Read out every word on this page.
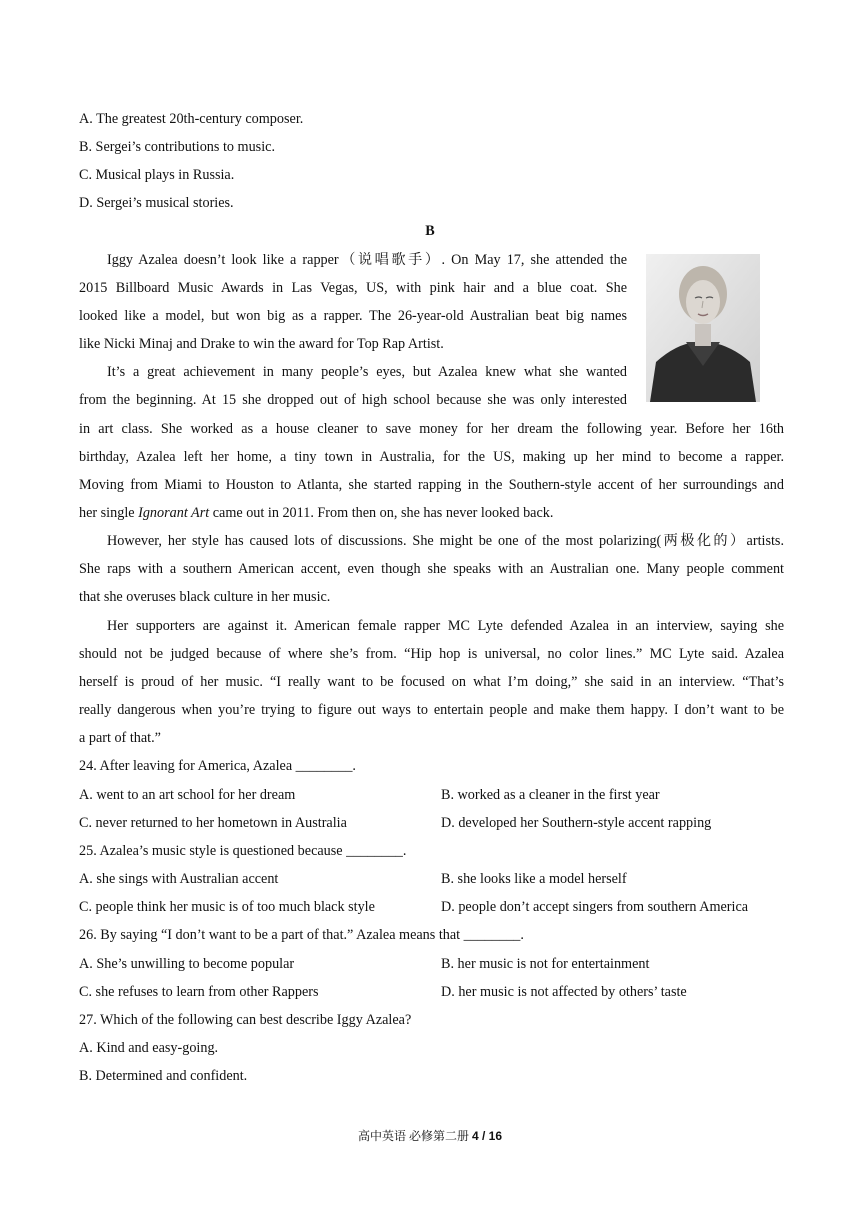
A. The greatest 20th-century composer.
B. Sergei’s contributions to music.
C. Musical plays in Russia.
D. Sergei’s musical stories.
B
Iggy Azalea doesn’t look like a rapper（说唱歌手）. On May 17, she attended the
2015 Billboard Music Awards in Las Vegas, US, with pink hair and a blue coat. She
looked like a model, but won big as a rapper. The 26-year-old Australian beat big names
like Nicki Minaj and Drake to win the award for Top Rap Artist.
It’s a great achievement in many people’s eyes, but Azalea knew what she wanted
from the beginning. At 15 she dropped out of high school because she was only interested
in art class. She worked as a house cleaner to save money for her dream the following year. Before her 16th
birthday, Azalea left her home, a tiny town in Australia, for the US, making up her mind to become a rapper.
Moving from Miami to Houston to Atlanta, she started rapping in the Southern-style accent of her surroundings and
her single Ignorant Art came out in 2011. From then on, she has never looked back.
However, her style has caused lots of discussions. She might be one of the most polarizing(两极化的）artists.
She raps with a southern American accent, even though she speaks with an Australian one. Many people comment
that she overuses black culture in her music.
Her supporters are against it. American female rapper MC Lyte defended Azalea in an interview, saying she
should not be judged because of where she’s from. “Hip hop is universal, no color lines.” MC Lyte said. Azalea
herself is proud of her music. “I really want to be focused on what I’m doing,” she said in an interview. “That’s
really dangerous when you’re trying to figure out ways to entertain people and make them happy. I don’t want to be
a part of that.”
24. After leaving for America, Azalea ________.
A. went to an art school for her dream	B. worked as a cleaner in the first year
C. never returned to her hometown in Australia	D. developed her Southern-style accent rapping
25. Azalea’s music style is questioned because ________.
A. she sings with Australian accent	B. she looks like a model herself
C. people think her music is of too much black style	D. people don’t accept singers from southern America
26. By saying “I don’t want to be a part of that.” Azalea means that ________.
A. She’s unwilling to become popular	B. her music is not for entertainment
C. she refuses to learn from other Rappers	D. her music is not affected by others’ taste
27. Which of the following can best describe Iggy Azalea?
A. Kind and easy-going.
B. Determined and confident.
高中英语 必修第二册 4 / 16
